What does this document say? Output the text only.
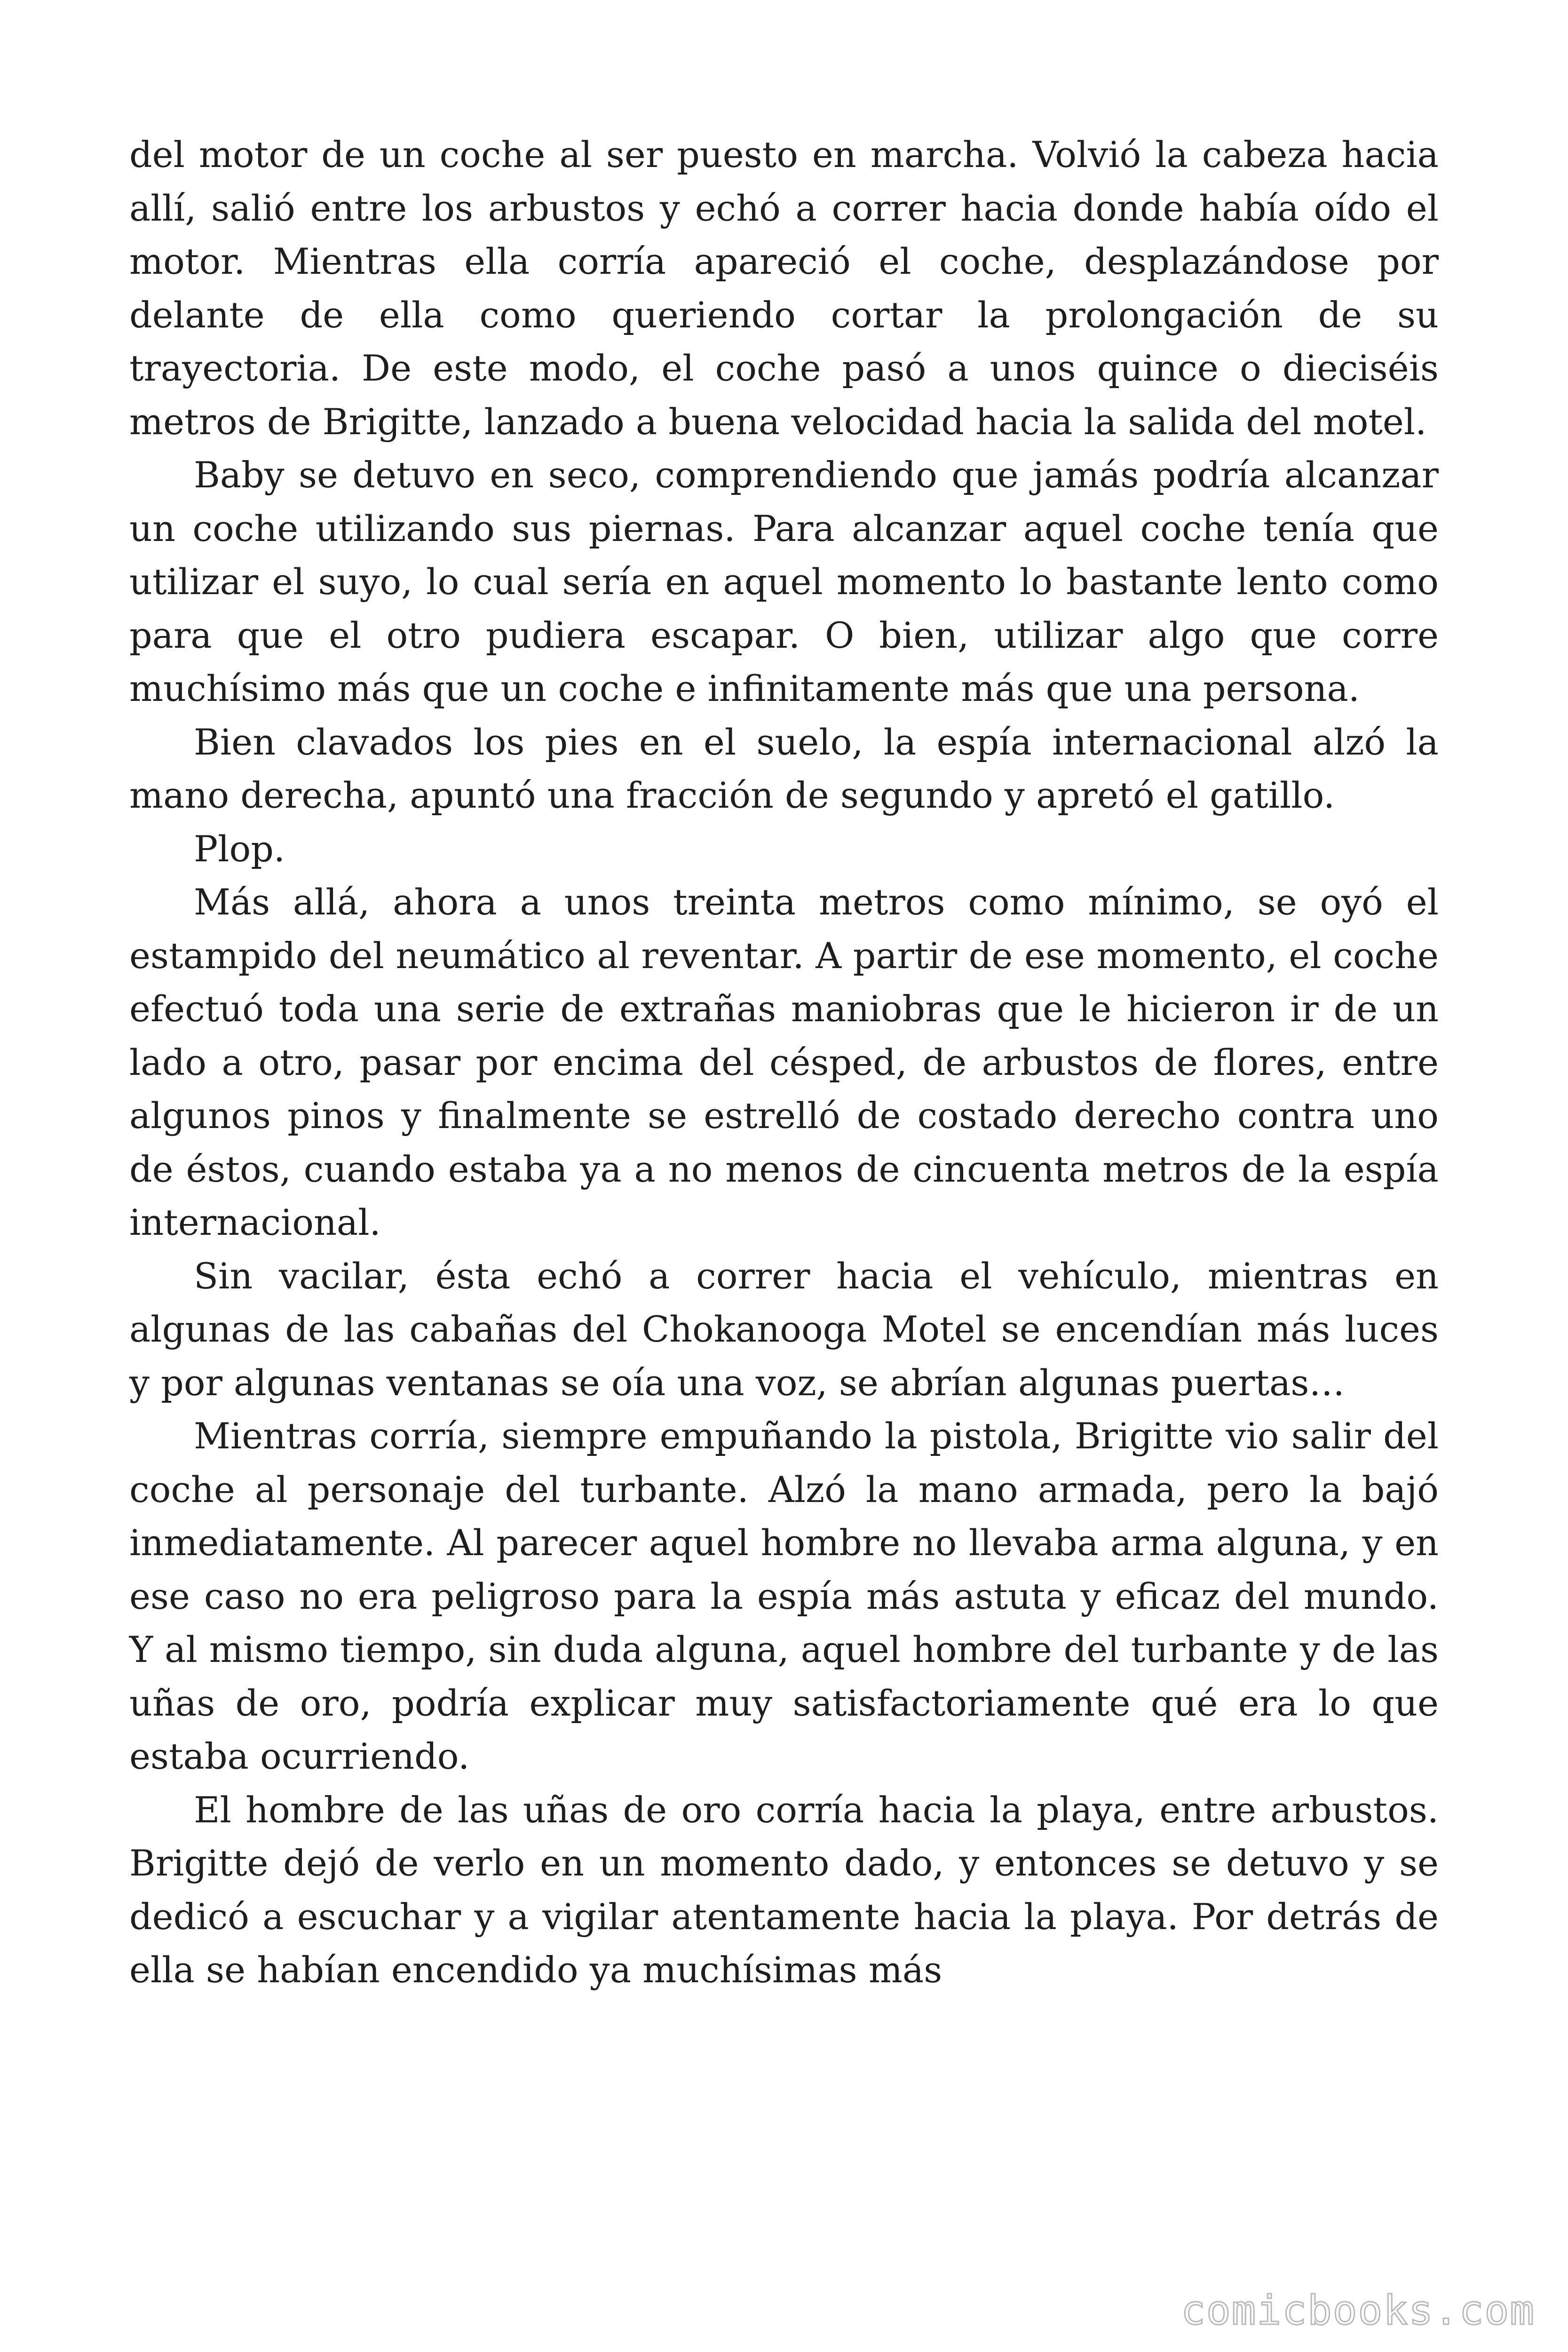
del motor de un coche al ser puesto en marcha. Volvió la cabeza hacia allí, salió entre los arbustos y echó a correr hacia donde había oído el motor. Mientras ella corría apareció el coche, desplazándose por delante de ella como queriendo cortar la prolongación de su trayectoria. De este modo, el coche pasó a unos quince o dieciséis metros de Brigitte, lanzado a buena velocidad hacia la salida del motel.

Baby se detuvo en seco, comprendiendo que jamás podría alcanzar un coche utilizando sus piernas. Para alcanzar aquel coche tenía que utilizar el suyo, lo cual sería en aquel momento lo bastante lento como para que el otro pudiera escapar. O bien, utilizar algo que corre muchísimo más que un coche e infinitamente más que una persona.

Bien clavados los pies en el suelo, la espía internacional alzó la mano derecha, apuntó una fracción de segundo y apretó el gatillo.

Plop.

Más allá, ahora a unos treinta metros como mínimo, se oyó el estampido del neumático al reventar. A partir de ese momento, el coche efectuó toda una serie de extrañas maniobras que le hicieron ir de un lado a otro, pasar por encima del césped, de arbustos de flores, entre algunos pinos y finalmente se estrelló de costado derecho contra uno de éstos, cuando estaba ya a no menos de cincuenta metros de la espía internacional.

Sin vacilar, ésta echó a correr hacia el vehículo, mientras en algunas de las cabañas del Chokanooga Motel se encendían más luces y por algunas ventanas se oía una voz, se abrían algunas puertas…

Mientras corría, siempre empuñando la pistola, Brigitte vio salir del coche al personaje del turbante. Alzó la mano armada, pero la bajó inmediatamente. Al parecer aquel hombre no llevaba arma alguna, y en ese caso no era peligroso para la espía más astuta y eficaz del mundo. Y al mismo tiempo, sin duda alguna, aquel hombre del turbante y de las uñas de oro, podría explicar muy satisfactoriamente qué era lo que estaba ocurriendo.

El hombre de las uñas de oro corría hacia la playa, entre arbustos. Brigitte dejó de verlo en un momento dado, y entonces se detuvo y se dedicó a escuchar y a vigilar atentamente hacia la playa. Por detrás de ella se habían encendido ya muchísimas más

comicbooks.com
